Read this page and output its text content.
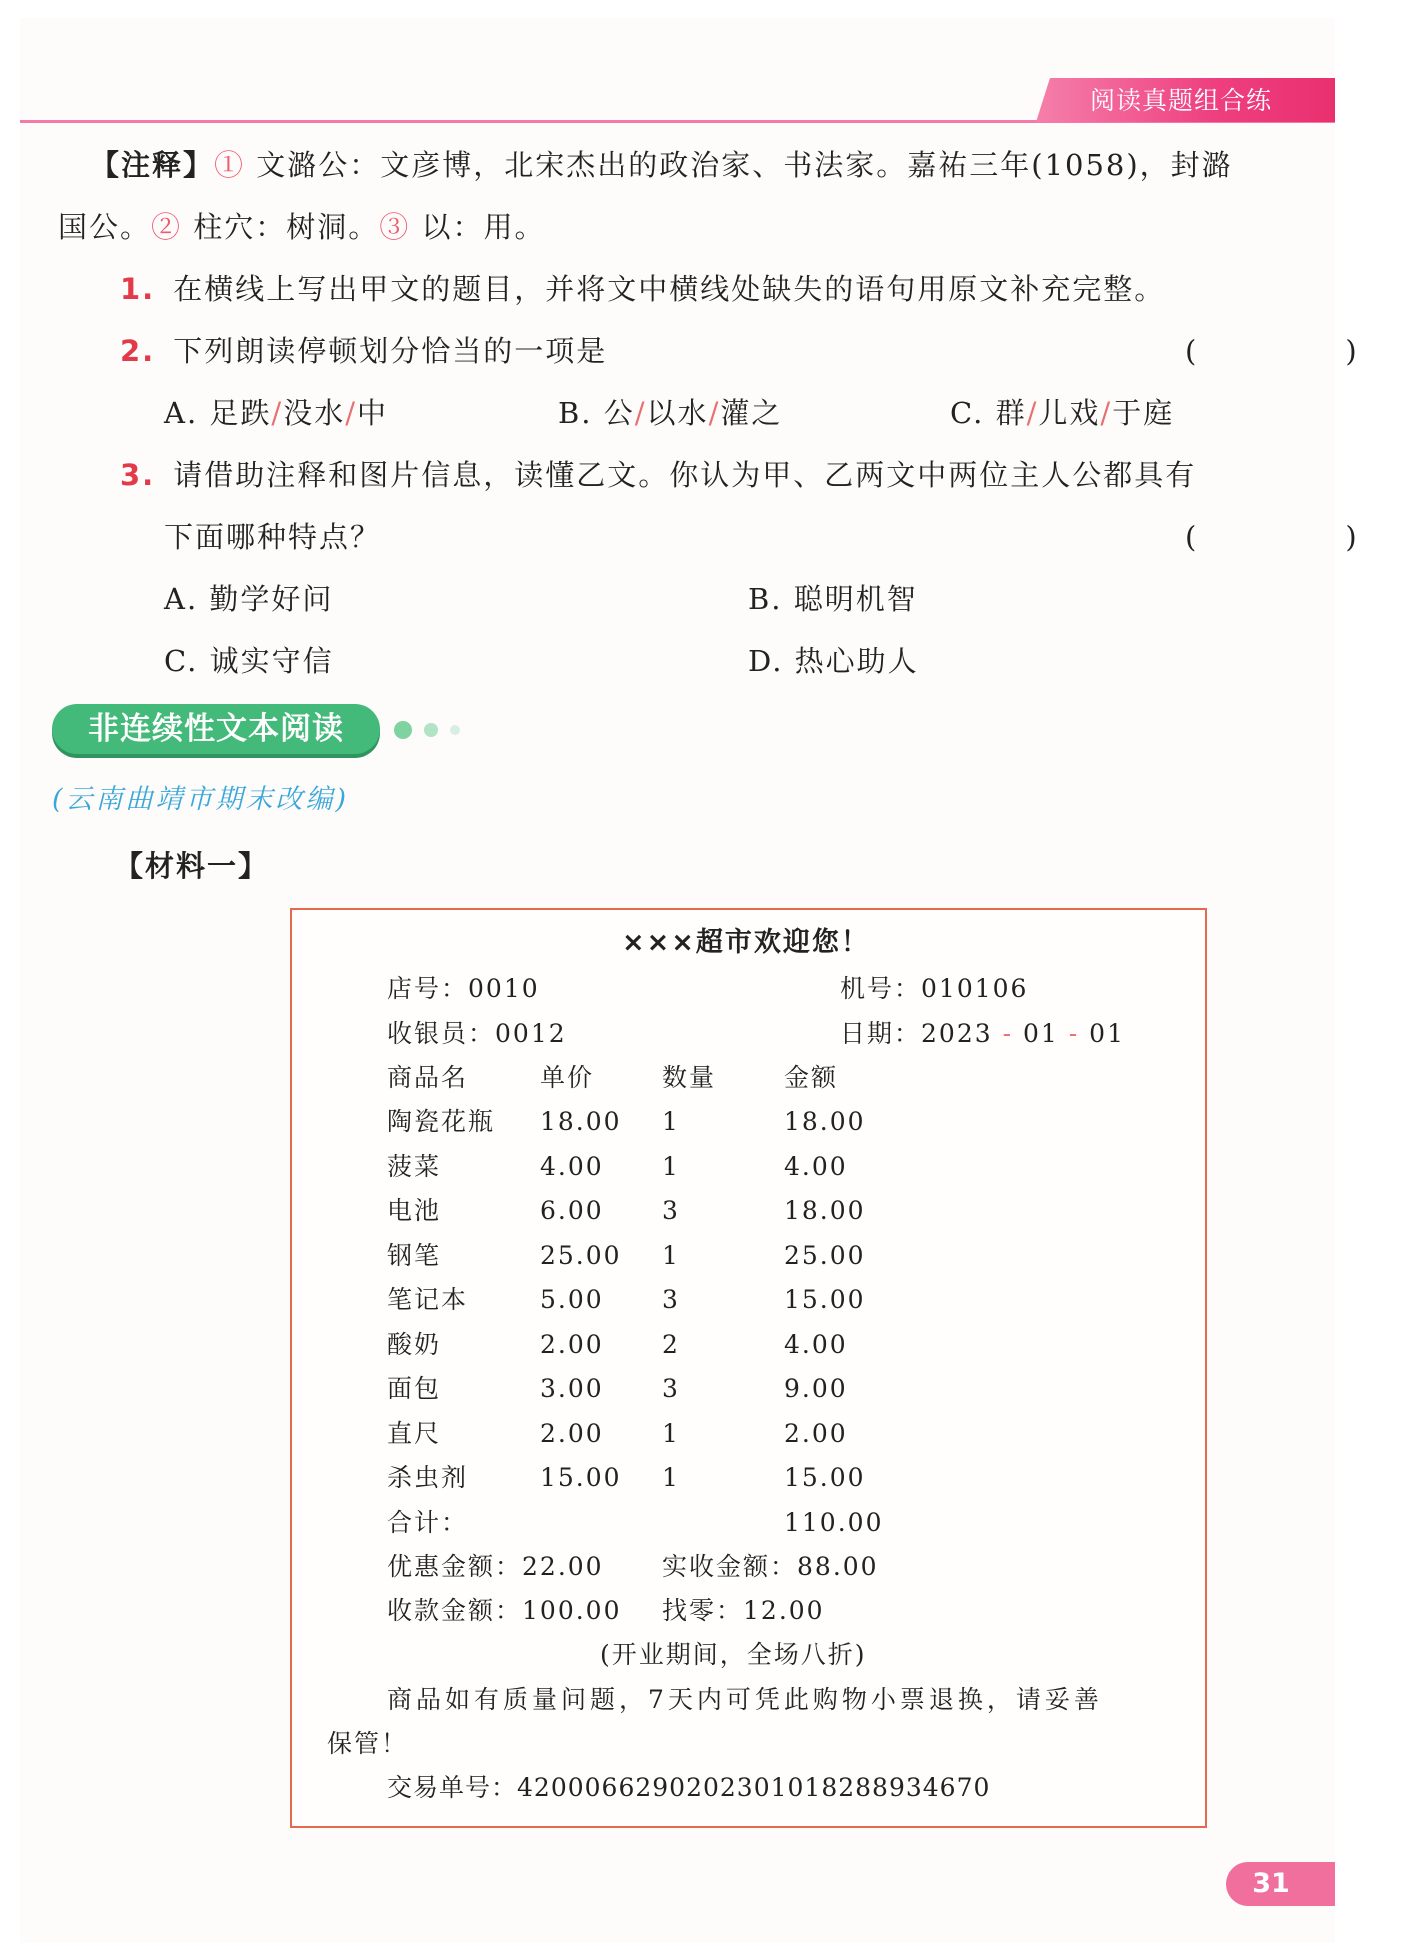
阅读真题组合练
【注释】① 文潞公：文彦博，北宋杰出的政治家、书法家。嘉祐三年(1058)，封潞
国公。② 柱穴：树洞。③ 以：用。
1. 在横线上写出甲文的题目，并将文中横线处缺失的语句用原文补充完整。
2. 下列朗读停顿划分恰当的一项是	(　)
A. 足跌/没水/中	B. 公/以水/灌之	C. 群/儿戏/于庭
3. 请借助注释和图片信息，读懂乙文。你认为甲、乙两文中两位主人公都具有
下面哪种特点？	(　)
A. 勤学好问	B. 聪明机智
C. 诚实守信	D. 热心助人
非连续性文本阅读
(云南曲靖市期末改编)
【材料一】
×××超市欢迎您！
店号：0010	机号：010106
收银员：0012	日期：2023 - 01 - 01
商品名	单价	数量	金额
陶瓷花瓶 18.00 1	18.00
菠菜	4.00 1	4.00
电池	6.00 3	18.00
钢笔	25.00 1	25.00
笔记本	5.00 3	15.00
酸奶	2.00 2	4.00
面包	3.00 3	9.00
直尺	2.00 1	2.00
杀虫剂	15.00 1	15.00
合计：	110.00
优惠金额：22.00 实收金额：88.00
收款金额：100.00 找零：12.00
(开业期间，全场八折)
商品如有质量问题，7天内可凭此购物小票退换，请妥善
保管！
交易单号：420006629020230101828893467​0
31
